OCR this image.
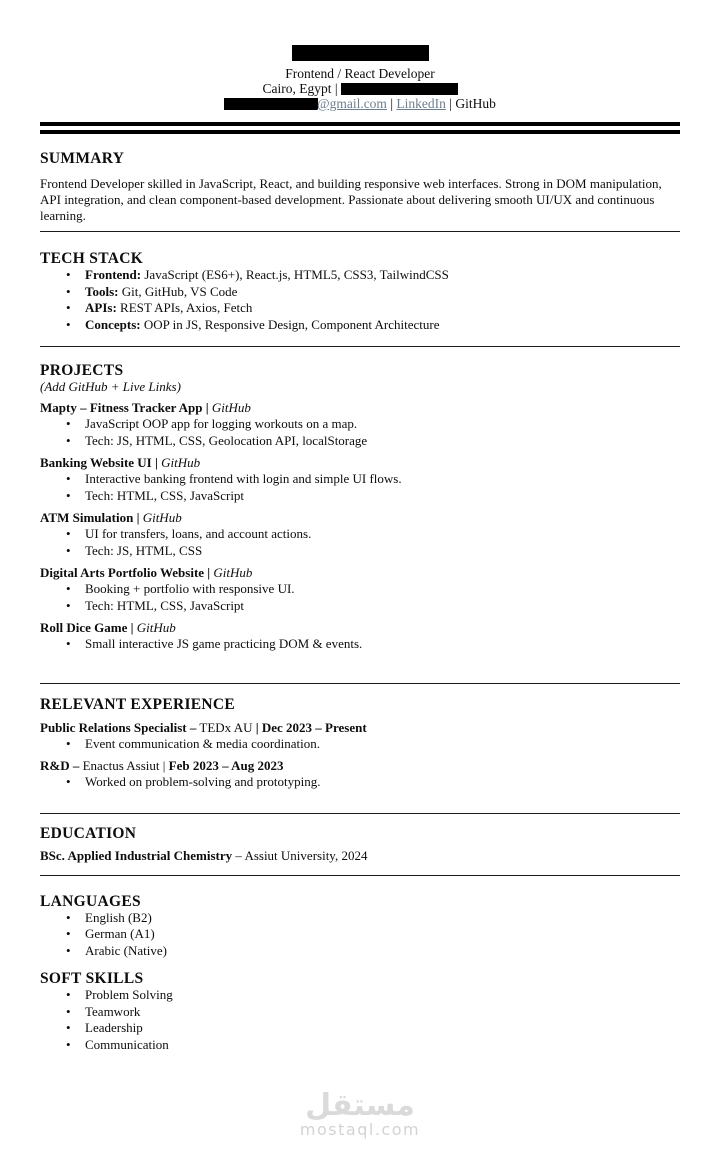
Frontend / React Developer
Cairo, Egypt |
@gmail.com | LinkedIn | GitHub
SUMMARY

Frontend Developer skilled in JavaScript, React, and building responsive web interfaces. Strong in DOM manipulation, API integration, and clean component-based development. Passionate about delivering smooth UI/UX and continuous learning.

TECH STACK
• Frontend: JavaScript (ES6+), React.js, HTML5, CSS3, TailwindCSS
• Tools: Git, GitHub, VS Code
• APIs: REST APIs, Axios, Fetch
• Concepts: OOP in JS, Responsive Design, Component Architecture
PROJECTS
(Add GitHub + Live Links)
Mapty – Fitness Tracker App | GitHub
• JavaScript OOP app for logging workouts on a map.
• Tech: JS, HTML, CSS, Geolocation API, localStorage
Banking Website UI | GitHub
• Interactive banking frontend with login and simple UI flows.
• Tech: HTML, CSS, JavaScript
ATM Simulation | GitHub
• UI for transfers, loans, and account actions.
• Tech: JS, HTML, CSS
Digital Arts Portfolio Website | GitHub
• Booking + portfolio with responsive UI.
• Tech: HTML, CSS, JavaScript
Roll Dice Game | GitHub
• Small interactive JS game practicing DOM & events.
RELEVANT EXPERIENCE
Public Relations Specialist – TEDx AU | Dec 2023 – Present
• Event communication & media coordination.
R&D – Enactus Assiut | Feb 2023 – Aug 2023
• Worked on problem-solving and prototyping.
EDUCATION
BSc. Applied Industrial Chemistry – Assiut University, 2024
LANGUAGES
• English (B2)
• German (A1)
• Arabic (Native)
SOFT SKILLS
• Problem Solving
• Teamwork
• Leadership
• Communication
مستقل
mostaql.com
